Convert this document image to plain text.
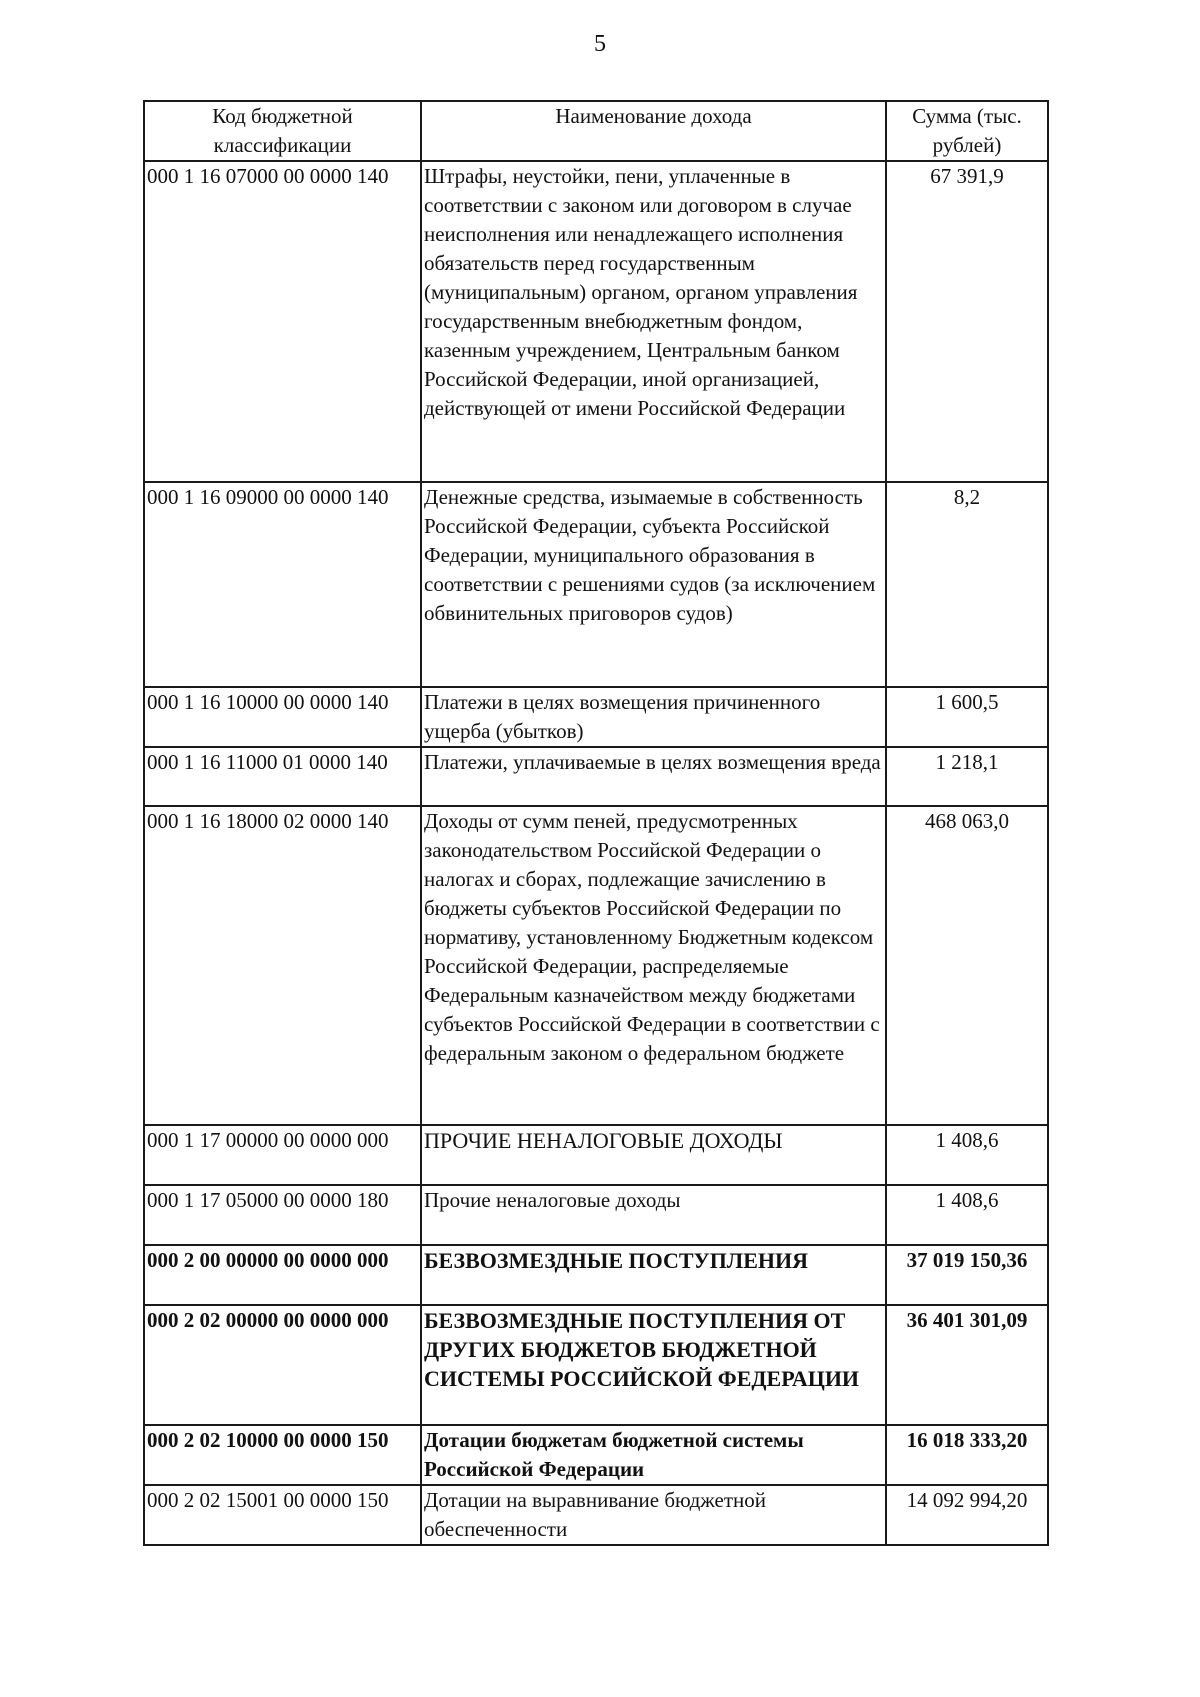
5
Код бюджетной классификации	Наименование дохода	Сумма (тыс. рублей)
000 1 16 07000 00 0000 140	Штрафы, неустойки, пени, уплаченные в соответствии с законом или договором в случае неисполнения или ненадлежащего исполнения обязательств перед государственным (муниципальным) органом, органом управления государственным внебюджетным фондом, казенным учреждением, Центральным банком Российской Федерации, иной организацией, действующей от имени Российской Федерации	67 391,9
000 1 16 09000 00 0000 140	Денежные средства, изымаемые в собственность Российской Федерации, субъекта Российской Федерации, муниципального образования в соответствии с решениями судов (за исключением обвинительных приговоров судов)	8,2
000 1 16 10000 00 0000 140	Платежи в целях возмещения причиненного ущерба (убытков)	1 600,5
000 1 16 11000 01 0000 140	Платежи, уплачиваемые в целях возмещения вреда	1 218,1
000 1 16 18000 02 0000 140	Доходы от сумм пеней, предусмотренных законодательством Российской Федерации о налогах и сборах, подлежащие зачислению в бюджеты субъектов Российской Федерации по нормативу, установленному Бюджетным кодексом Российской Федерации, распределяемые Федеральным казначейством между бюджетами субъектов Российской Федерации в соответствии с федеральным законом о федеральном бюджете	468 063,0
000 1 17 00000 00 0000 000	ПРОЧИЕ НЕНАЛОГОВЫЕ ДОХОДЫ	1 408,6
000 1 17 05000 00 0000 180	Прочие неналоговые доходы	1 408,6
000 2 00 00000 00 0000 000	БЕЗВОЗМЕЗДНЫЕ ПОСТУПЛЕНИЯ	37 019 150,36
000 2 02 00000 00 0000 000	БЕЗВОЗМЕЗДНЫЕ ПОСТУПЛЕНИЯ ОТ ДРУГИХ БЮДЖЕТОВ БЮДЖЕТНОЙ СИСТЕМЫ РОССИЙСКОЙ ФЕДЕРАЦИИ	36 401 301,09
000 2 02 10000 00 0000 150	Дотации бюджетам бюджетной системы Российской Федерации	16 018 333,20
000 2 02 15001 00 0000 150	Дотации на выравнивание бюджетной обеспеченности	14 092 994,20
